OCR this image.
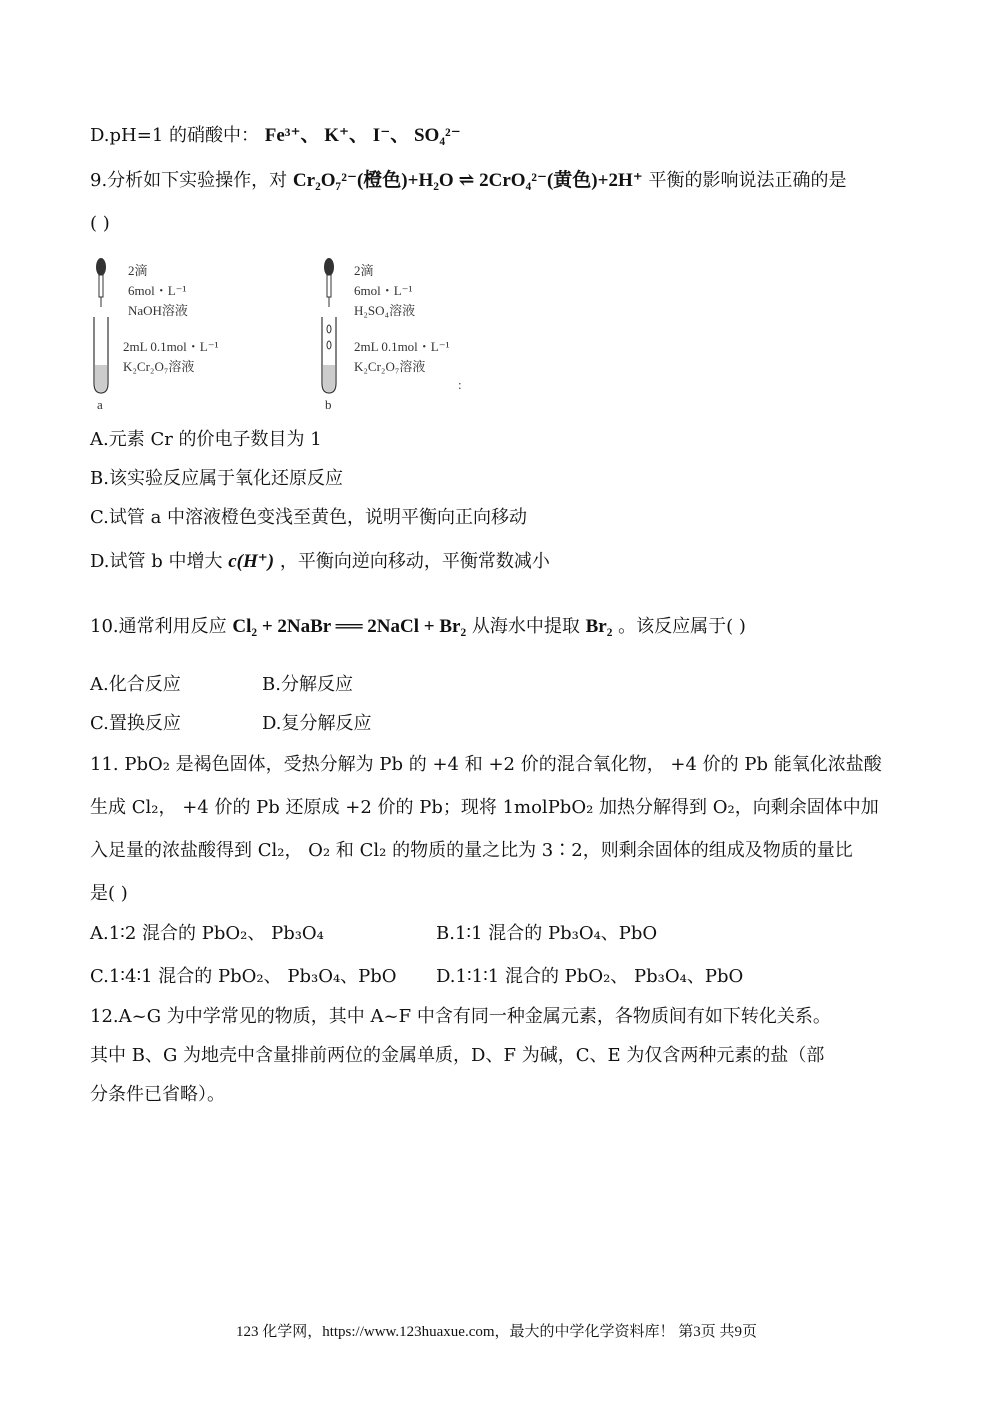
D.pH=1 的硝酸中： Fe³⁺、 K⁺、 I⁻、 SO₄²⁻
9.分析如下实验操作，对 Cr₂O₇²⁻(橙色)+H₂O ⇌ 2CrO₄²⁻(黄色)+2H⁺ 平衡的影响说法正确的是
( )
2滴
6mol・L⁻¹
NaOH溶液
2mL 0.1mol・L⁻¹
K₂Cr₂O₇溶液
a
2滴
6mol・L⁻¹
H₂SO₄溶液
2mL 0.1mol・L⁻¹
K₂Cr₂O₇溶液
b
:
A.元素 Cr 的价电子数目为 1
B.该实验反应属于氧化还原反应
C.试管 a 中溶液橙色变浅至黄色，说明平衡向正向移动
D.试管 b 中增大 c(H⁺) ，平衡向逆向移动，平衡常数减小
10.通常利用反应 Cl₂ + 2NaBr ══ 2NaCl + Br₂ 从海水中提取 Br₂ 。该反应属于( )
A.化合反应	B.分解反应
C.置换反应	D.复分解反应
11. PbO₂ 是褐色固体，受热分解为 Pb 的 +4 和 +2 价的混合氧化物， +4 价的 Pb 能氧化浓盐酸
生成 Cl₂， +4 价的 Pb 还原成 +2 价的 Pb；现将 1molPbO₂ 加热分解得到 O₂，向剩余固体中加
入足量的浓盐酸得到 Cl₂， O₂ 和 Cl₂ 的物质的量之比为 3∶2，则剩余固体的组成及物质的量比
是( )
A.1∶2 混合的 PbO₂、 Pb₃O₄	B.1∶1 混合的 Pb₃O₄、PbO
C.1∶4∶1 混合的 PbO₂、 Pb₃O₄、PbO D.1∶1∶1 混合的 PbO₂、 Pb₃O₄、PbO
12.A~G 为中学常见的物质，其中 A~F 中含有同一种金属元素，各物质间有如下转化关系。
其中 B、G 为地壳中含量排前两位的金属单质，D、F 为碱，C、E 为仅含两种元素的盐（部
分条件已省略）。
123 化学网，https://www.123huaxue.com，最大的中学化学资料库！ 第3页 共9页
